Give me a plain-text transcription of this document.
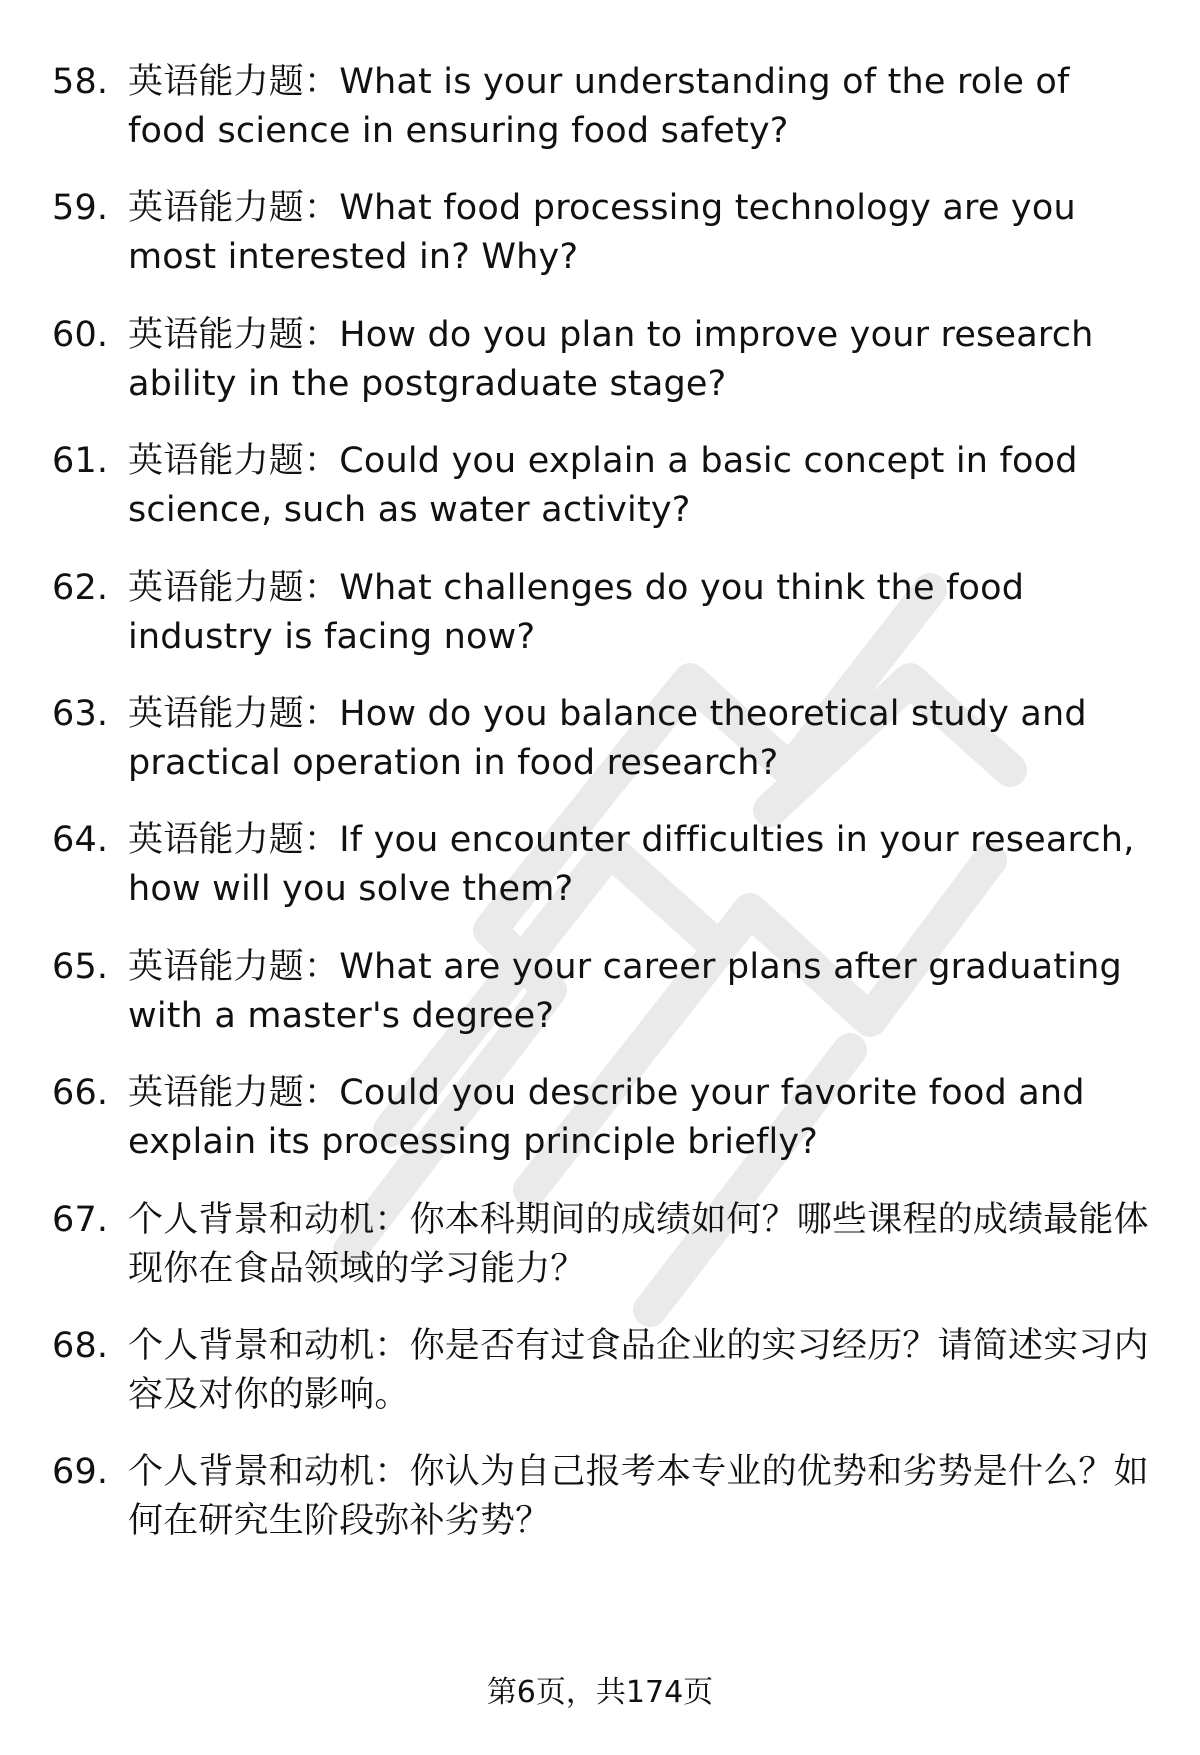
58. 英语能力题：What is your understanding of the role of food science in ensuring food safety?
59. 英语能力题：What food processing technology are you most interested in? Why?
60. 英语能力题：How do you plan to improve your research ability in the postgraduate stage?
61. 英语能力题：Could you explain a basic concept in food science, such as water activity?
62. 英语能力题：What challenges do you think the food industry is facing now?
63. 英语能力题：How do you balance theoretical study and practical operation in food research?
64. 英语能力题：If you encounter difficulties in your research, how will you solve them?
65. 英语能力题：What are your career plans after graduating with a master's degree?
66. 英语能力题：Could you describe your favorite food and explain its processing principle briefly?
67. 个人背景和动机：你本科期间的成绩如何？哪些课程的成绩最能体现你在食品领域的学习能力？
68. 个人背景和动机：你是否有过食品企业的实习经历？请简述实习内容及对你的影响。
69. 个人背景和动机：你认为自己报考本专业的优势和劣势是什么？如何在研究生阶段弥补劣势？
第6页，共174页
